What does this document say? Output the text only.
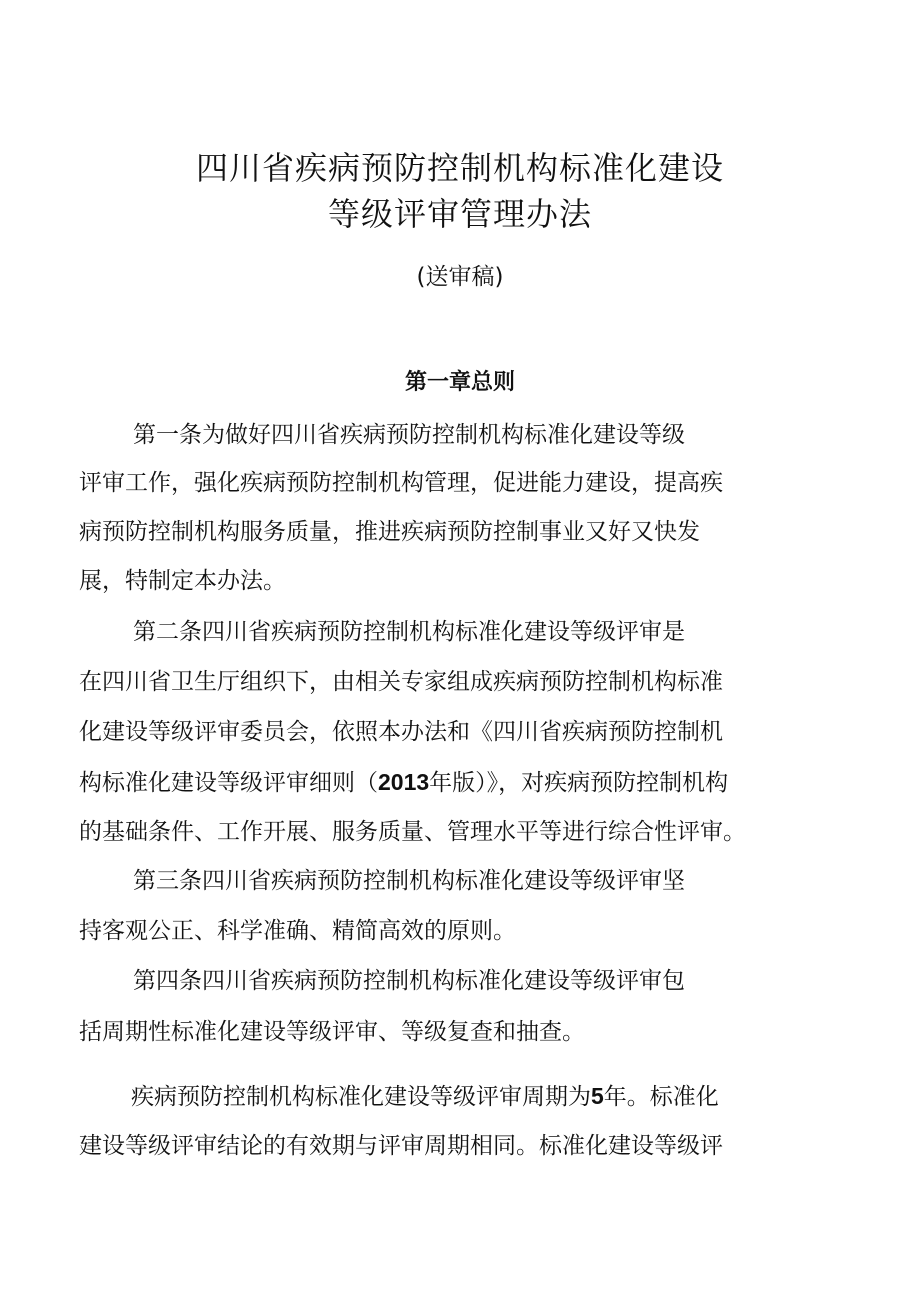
四川省疾病预防控制机构标准化建设
等级评审管理办法
(送审稿)
第一章总则
第一条为做好四川省疾病预防控制机构标准化建设等级
评审工作，强化疾病预防控制机构管理，促进能力建设，提高疾
病预防控制机构服务质量，推进疾病预防控制事业又好又快发
展，特制定本办法。
第二条四川省疾病预防控制机构标准化建设等级评审是
在四川省卫生厅组织下，由相关专家组成疾病预防控制机构标准
化建设等级评审委员会，依照本办法和《四川省疾病预防控制机
构标准化建设等级评审细则（2013年版）》，对疾病预防控制机构
的基础条件、工作开展、服务质量、管理水平等进行综合性评审。
第三条四川省疾病预防控制机构标准化建设等级评审坚
持客观公正、科学准确、精简高效的原则。
第四条四川省疾病预防控制机构标准化建设等级评审包
括周期性标准化建设等级评审、等级复查和抽查。
疾病预防控制机构标准化建设等级评审周期为5年。标准化
建设等级评审结论的有效期与评审周期相同。标准化建设等级评
